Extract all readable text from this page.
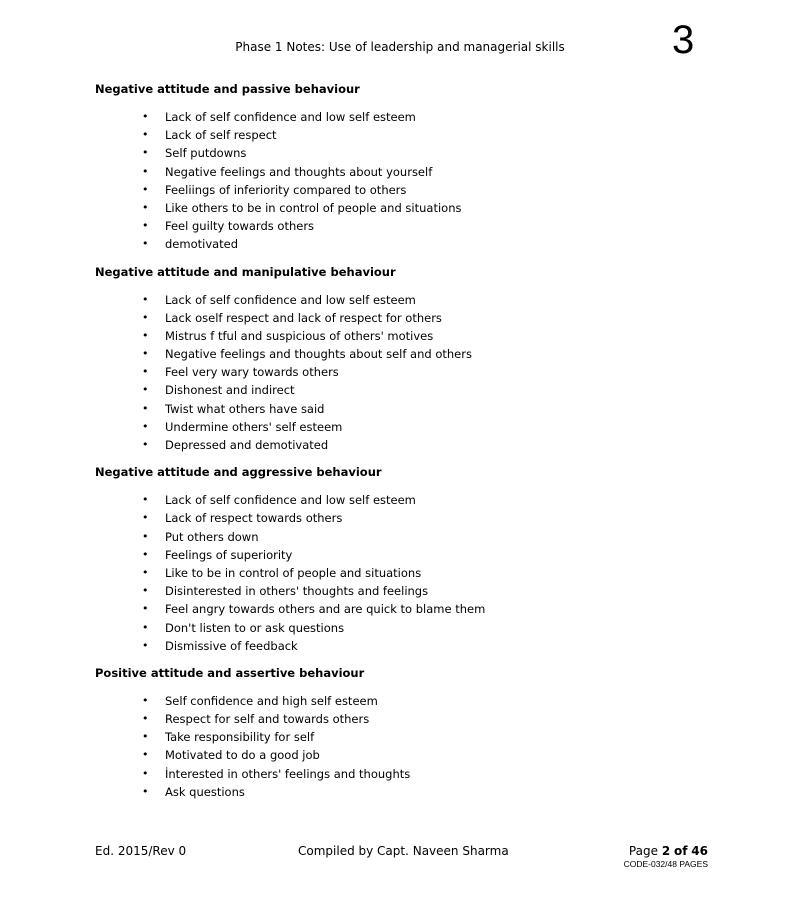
Phase 1 Notes: Use of leadership and managerial skills	3

Negative attitude and passive behaviour

• Lack of self confidence and low self esteem
• Lack of self respect
• Self putdowns
• Negative feelings and thoughts about yourself
• Feeliings of inferiority compared to others
• Like others to be in control of people and situations
• Feel guilty towards others
• demotivated

Negative attitude and manipulative behaviour

• Lack of self confidence and low self esteem
• Lack oself respect and lack of respect for others
• Mistrus f tful and suspicious of others' motives
• Negative feelings and thoughts about self and others
• Feel very wary towards others
• Dishonest and indirect
• Twist what others have said
• Undermine others' self esteem
• Depressed and demotivated

Negative attitude and aggressive behaviour

• Lack of self confidence and low self esteem
• Lack of respect towards others
• Put others down
• Feelings of superiority
• Like to be in control of people and situations
• Disinterested in others' thoughts and feelings
• Feel angry towards others and are quick to blame them
• Don't listen to or ask questions
• Dismissive of feedback

Positive attitude and assertive behaviour

• Self confidence and high self esteem
• Respect for self and towards others
• Take responsibility for self
• Motivated to do a good job
• İnterested in others' feelings and thoughts
• Ask questions
Ed. 2015/Rev 0	Compiled by Capt. Naveen Sharma	Page 2 of 46
CODE-032/48 PAGES
